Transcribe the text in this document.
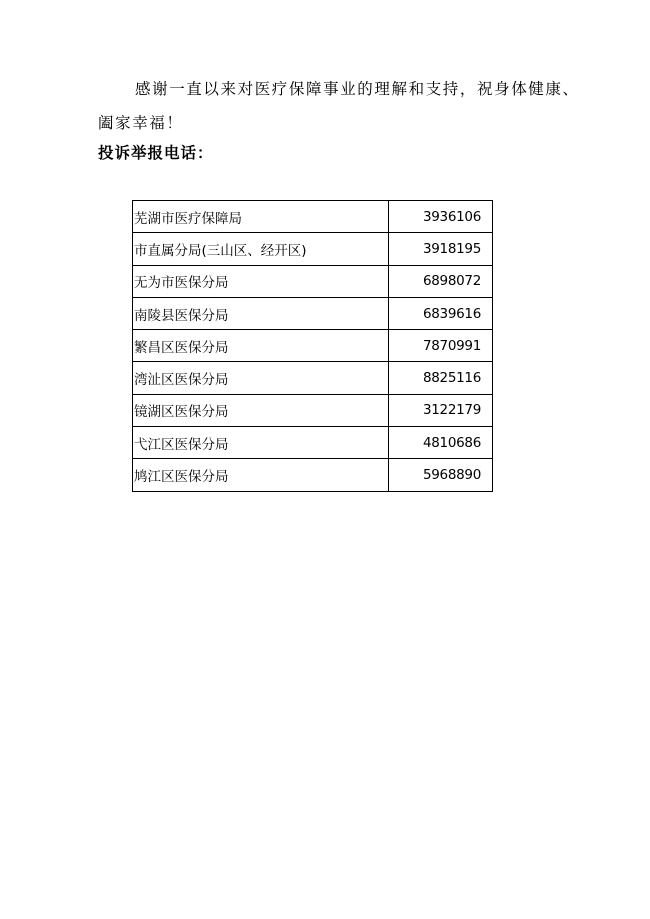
感谢一直以来对医疗保障事业的理解和支持，祝身体健康、
阖家幸福！
投诉举报电话：
芜湖市医疗保障局	3936106
市直属分局(三山区、经开区)	3918195
无为市医保分局	6898072
南陵县医保分局	6839616
繁昌区医保分局	7870991
湾沚区医保分局	8825116
镜湖区医保分局	3122179
弋江区医保分局	4810686
鸠江区医保分局	5968890
